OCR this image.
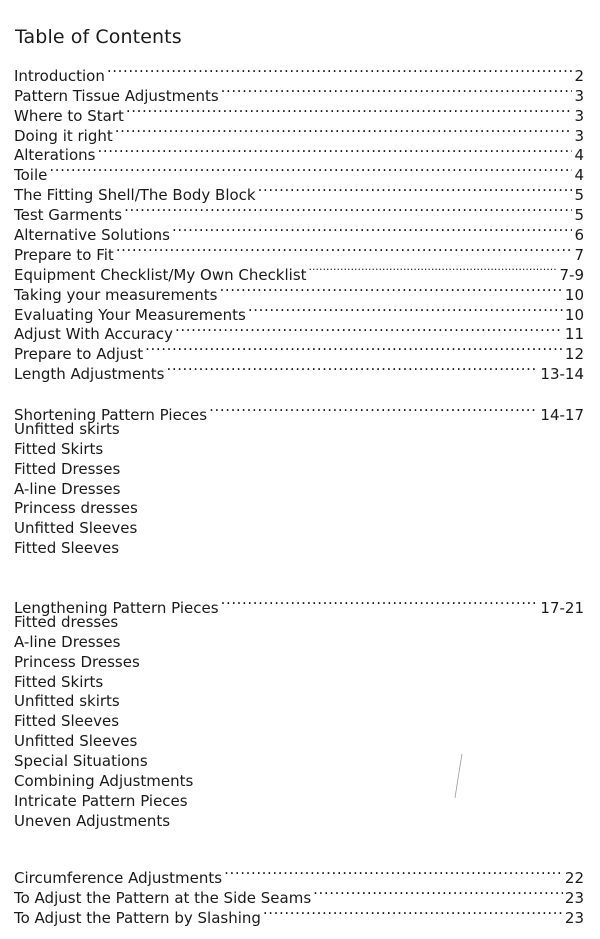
Table of Contents
Introduction .....	2
Pattern Tissue Adjustments .....	3
Where to Start .....	3
Doing it right .....	3
Alterations .....	4
Toile .....	4
The Fitting Shell/The Body Block .....	5
Test Garments .....	5
Alternative Solutions .....	6
Prepare to Fit .....	7
Equipment Checklist/My Own Checklist .....	7-9
Taking your measurements .....	10
Evaluating Your Measurements .....	10
Adjust With Accuracy .....	11
Prepare to Adjust .....	12
Length Adjustments .....	13-14
Shortening Pattern Pieces .....	14-17
Unfitted skirts
Fitted Skirts
Fitted Dresses
A-line Dresses
Princess dresses
Unfitted Sleeves
Fitted Sleeves
Lengthening Pattern Pieces .....	17-21
Fitted dresses
A-line Dresses
Princess Dresses
Fitted Skirts
Unfitted skirts
Fitted Sleeves
Unfitted Sleeves
Special Situations
Combining Adjustments
Intricate Pattern Pieces
Uneven Adjustments
Circumference Adjustments .....	22
To Adjust the Pattern at the Side Seams .....	23
To Adjust the Pattern by Slashing .....	23
